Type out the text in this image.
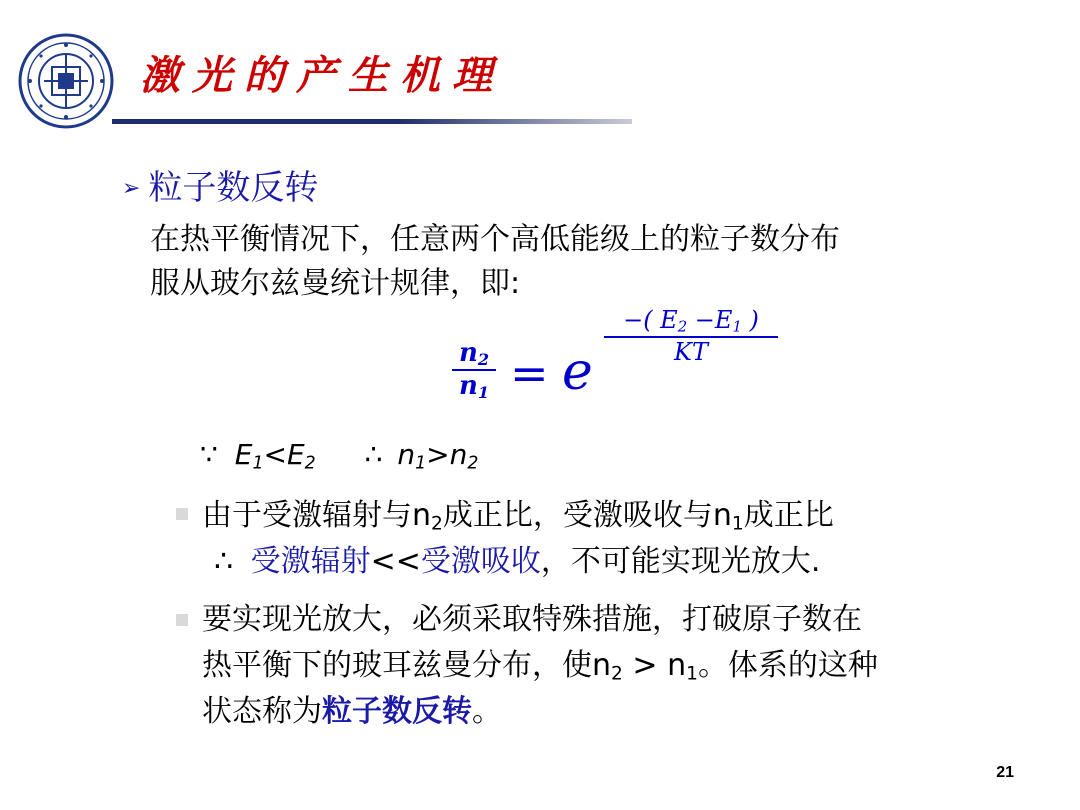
激光的产生机理
➢ 粒子数反转
在热平衡情况下，任意两个高低能级上的粒子数分布
服从玻尔兹曼统计规律，即:
$n_2$
$n_1 = e$
−( $E_2 -E_1$ )
KT
∵ $E_1<E_2$ ∴ $n_1>n_2$
由于受激辐射与$n_2$成正比，受激吸收与$n_1$成正比
∴ 受激辐射<<受激吸收，不可能实现光放大.
要实现光放大，必须采取特殊措施，打破原子数在
热平衡下的玻耳兹曼分布，使$n_2 > n_1$。体系的这种
状态称为粒子数反转。
21
